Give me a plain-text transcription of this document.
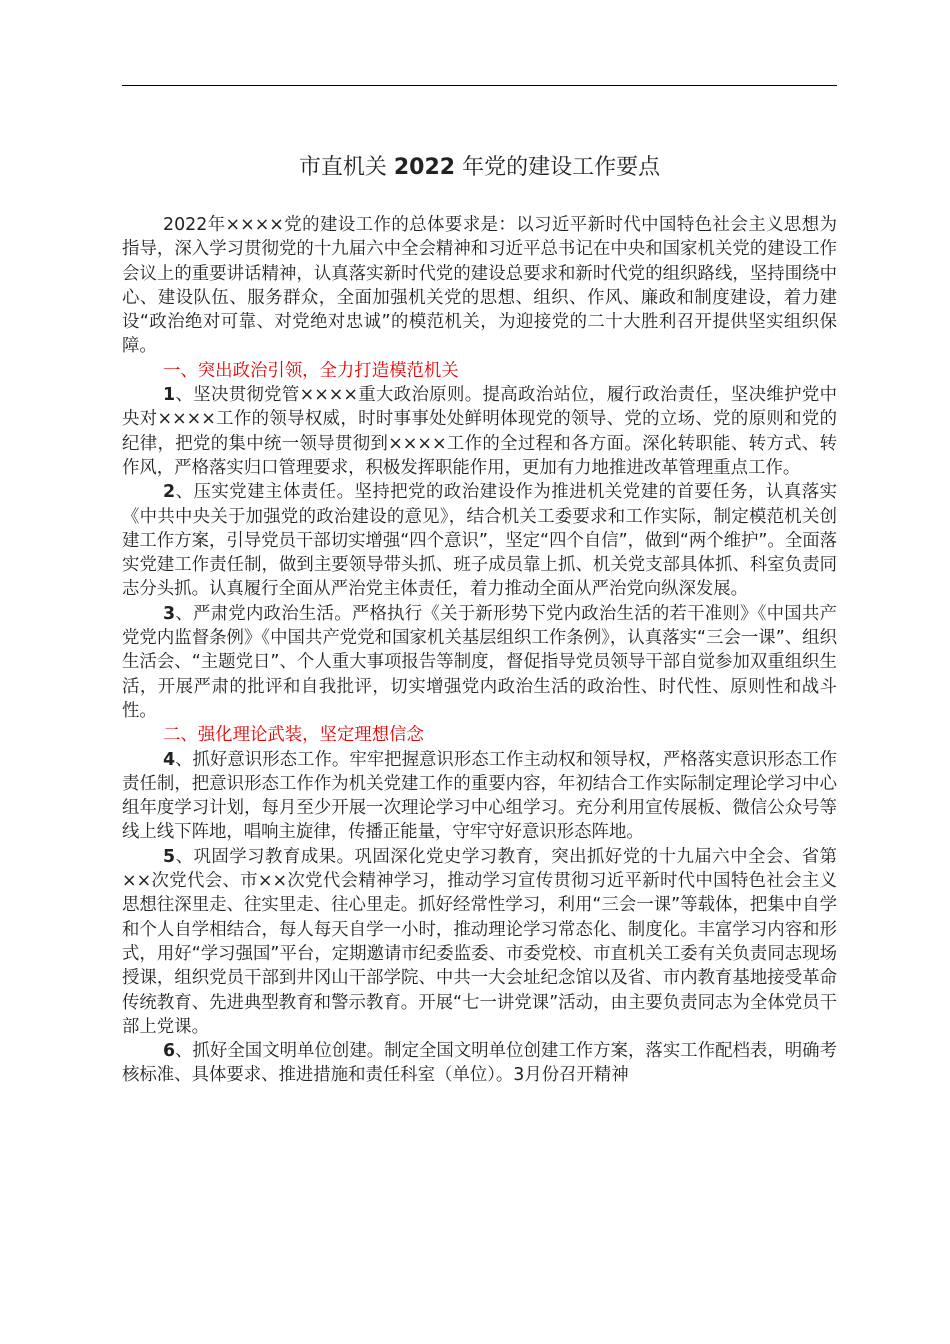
市直机关 2022 年党的建设工作要点

2022年××××党的建设工作的总体要求是：以习近平新时代中国特色社会主义思想为指导，深入学习贯彻党的十九届六中全会精神和习近平总书记在中央和国家机关党的建设工作会议上的重要讲话精神，认真落实新时代党的建设总要求和新时代党的组织路线，坚持围绕中心、建设队伍、服务群众，全面加强机关党的思想、组织、作风、廉政和制度建设，着力建设“政治绝对可靠、对党绝对忠诚”的模范机关，为迎接党的二十大胜利召开提供坚实组织保障。

一、突出政治引领，全力打造模范机关

1、坚决贯彻党管××××重大政治原则。提高政治站位，履行政治责任，坚决维护党中央对××××工作的领导权威，时时事事处处鲜明体现党的领导、党的立场、党的原则和党的纪律，把党的集中统一领导贯彻到××××工作的全过程和各方面。深化转职能、转方式、转作风，严格落实归口管理要求，积极发挥职能作用，更加有力地推进改革管理重点工作。

2、压实党建主体责任。坚持把党的政治建设作为推进机关党建的首要任务，认真落实《中共中央关于加强党的政治建设的意见》，结合机关工委要求和工作实际，制定模范机关创建工作方案，引导党员干部切实增强“四个意识”，坚定“四个自信”，做到“两个维护”。全面落实党建工作责任制，做到主要领导带头抓、班子成员靠上抓、机关党支部具体抓、科室负责同志分头抓。认真履行全面从严治党主体责任，着力推动全面从严治党向纵深发展。

3、严肃党内政治生活。严格执行《关于新形势下党内政治生活的若干准则》《中国共产党党内监督条例》《中国共产党党和国家机关基层组织工作条例》，认真落实“三会一课”、组织生活会、“主题党日”、个人重大事项报告等制度，督促指导党员领导干部自觉参加双重组织生活，开展严肃的批评和自我批评，切实增强党内政治生活的政治性、时代性、原则性和战斗性。

二、强化理论武装，坚定理想信念

4、抓好意识形态工作。牢牢把握意识形态工作主动权和领导权，严格落实意识形态工作责任制，把意识形态工作作为机关党建工作的重要内容，年初结合工作实际制定理论学习中心组年度学习计划，每月至少开展一次理论学习中心组学习。充分利用宣传展板、微信公众号等线上线下阵地，唱响主旋律，传播正能量，守牢守好意识形态阵地。

5、巩固学习教育成果。巩固深化党史学习教育，突出抓好党的十九届六中全会、省第××次党代会、市××次党代会精神学习，推动学习宣传贯彻习近平新时代中国特色社会主义思想往深里走、往实里走、往心里走。抓好经常性学习，利用“三会一课”等载体，把集中自学和个人自学相结合，每人每天自学一小时，推动理论学习常态化、制度化。丰富学习内容和形式，用好“学习强国”平台，定期邀请市纪委监委、市委党校、市直机关工委有关负责同志现场授课，组织党员干部到井冈山干部学院、中共一大会址纪念馆以及省、市内教育基地接受革命传统教育、先进典型教育和警示教育。开展“七一讲党课”活动，由主要负责同志为全体党员干部上党课。

6、抓好全国文明单位创建。制定全国文明单位创建工作方案，落实工作配档表，明确考核标准、具体要求、推进措施和责任科室（单位）。3月份召开精神
